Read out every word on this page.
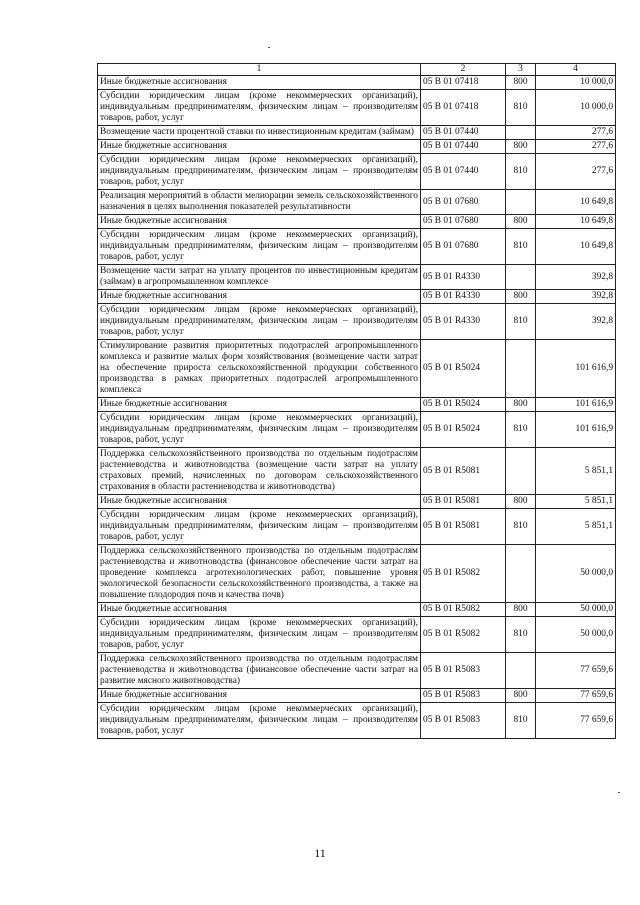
1	2	3	4
Иные бюджетные ассигнования	05 В 01 07418	800	10 000,0
Субсидии юридическим лицам (кроме некоммерческих организаций), индивидуальным предпринимателям, физическим лицам – производителям товаров, работ, услуг	05 В 01 07418	810	10 000,0
Возмещение части процентной ставки по инвестиционным кредитам (займам)	05 В 01 07440		277,6
Иные бюджетные ассигнования	05 В 01 07440	800	277,6
Субсидии юридическим лицам (кроме некоммерческих организаций), индивидуальным предпринимателям, физическим лицам – производителям товаров, работ, услуг	05 В 01 07440	810	277,6
Реализация мероприятий в области мелиорации земель сельскохозяйственного назначения в целях выполнения показателей результативности	05 В 01 07680		10 649,8
Иные бюджетные ассигнования	05 В 01 07680	800	10 649,8
Субсидии юридическим лицам (кроме некоммерческих организаций), индивидуальным предпринимателям, физическим лицам – производителям товаров, работ, услуг	05 В 01 07680	810	10 649,8
Возмещение части затрат на уплату процентов по инвестиционным кредитам (займам) в агропромышленном комплексе	05 В 01 R4330		392,8
Иные бюджетные ассигнования	05 В 01 R4330	800	392,8
Субсидии юридическим лицам (кроме некоммерческих организаций), индивидуальным предпринимателям, физическим лицам – производителям товаров, работ, услуг	05 В 01 R4330	810	392,8
Стимулирование развития приоритетных подотраслей агропромышленного комплекса и развитие малых форм хозяйствования (возмещение части затрат на обеспечение прироста сельскохозяйственной продукции собственного производства в рамках приоритетных подотраслей агропромышленного комплекса	05 В 01 R5024		101 616,9
Иные бюджетные ассигнования	05 В 01 R5024	800	101 616,9
Субсидии юридическим лицам (кроме некоммерческих организаций), индивидуальным предпринимателям, физическим лицам – производителям товаров, работ, услуг	05 В 01 R5024	810	101 616,9
Поддержка сельскохозяйственного производства по отдельным подотраслям растениеводства и животноводства (возмещение части затрат на уплату страховых премий, начисленных по договорам сельскохозяйственного страхования в области растениеводства и животноводства)	05 В 01 R5081		5 851,1
Иные бюджетные ассигнования	05 В 01 R5081	800	5 851,1
Субсидии юридическим лицам (кроме некоммерческих организаций), индивидуальным предпринимателям, физическим лицам – производителям товаров, работ, услуг	05 В 01 R5081	810	5 851,1
Поддержка сельскохозяйственного производства по отдельным подотраслям растениеводства и животноводства (финансовое обеспечение части затрат на проведение комплекса агротехнологических работ, повышение уровня экологической безопасности сельскохозяйственного производства, а также на повышение плодородия почв и качества почв)	05 В 01 R5082		50 000,0
Иные бюджетные ассигнования	05 В 01 R5082	800	50 000,0
Субсидии юридическим лицам (кроме некоммерческих организаций), индивидуальным предпринимателям, физическим лицам – производителям товаров, работ, услуг	05 В 01 R5082	810	50 000,0
Поддержка сельскохозяйственного производства по отдельным подотраслям растениеводства и животноводства (финансовое обеспечение части затрат на развитие мясного животноводства)	05 В 01 R5083		77 659,6
Иные бюджетные ассигнования	05 В 01 R5083	800	77 659,6
Субсидии юридическим лицам (кроме некоммерческих организаций), индивидуальным предпринимателям, физическим лицам – производителям товаров, работ, услуг	05 В 01 R5083	810	77 659,6
11
